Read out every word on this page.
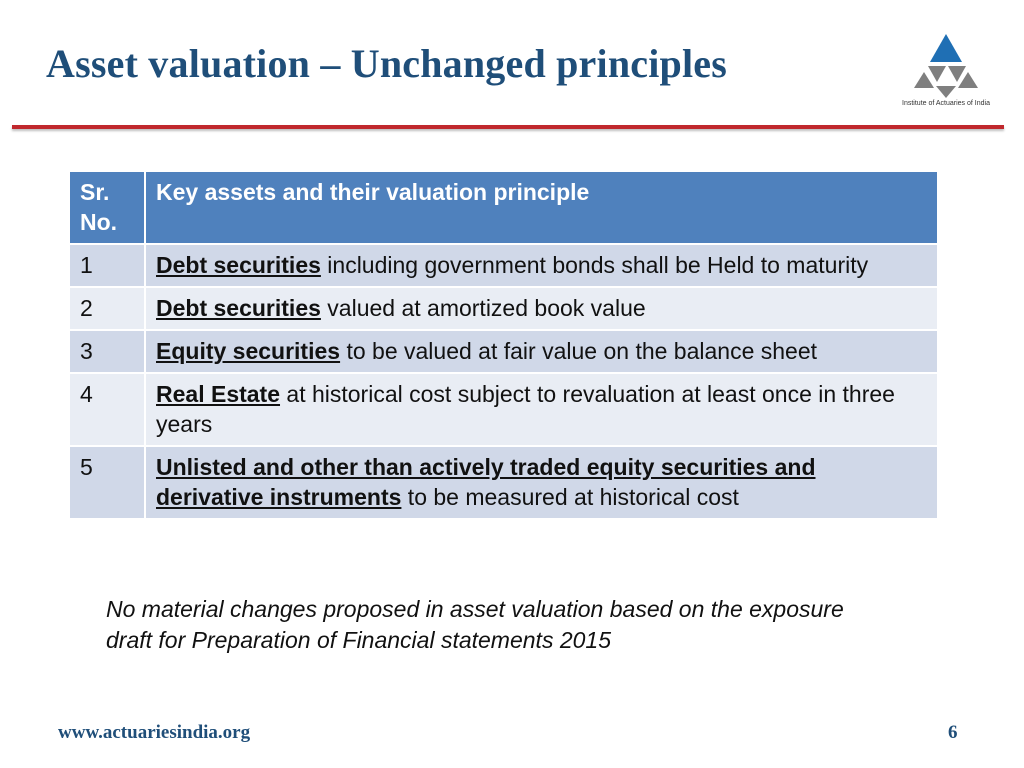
Asset valuation – Unchanged principles
Institute of Actuaries of India
Sr.
No.	Key assets and their valuation principle
1	Debt securities including government bonds shall be Held to maturity
2	Debt securities valued at amortized book value
3	Equity securities to be valued at fair value on the balance sheet
4	Real Estate at historical cost subject to revaluation at least once in three years
5	Unlisted and other than actively traded equity securities and derivative instruments to be measured at historical cost
No material changes proposed in asset valuation based on the exposure draft for Preparation of Financial statements 2015
www.actuariesindia.org	6
